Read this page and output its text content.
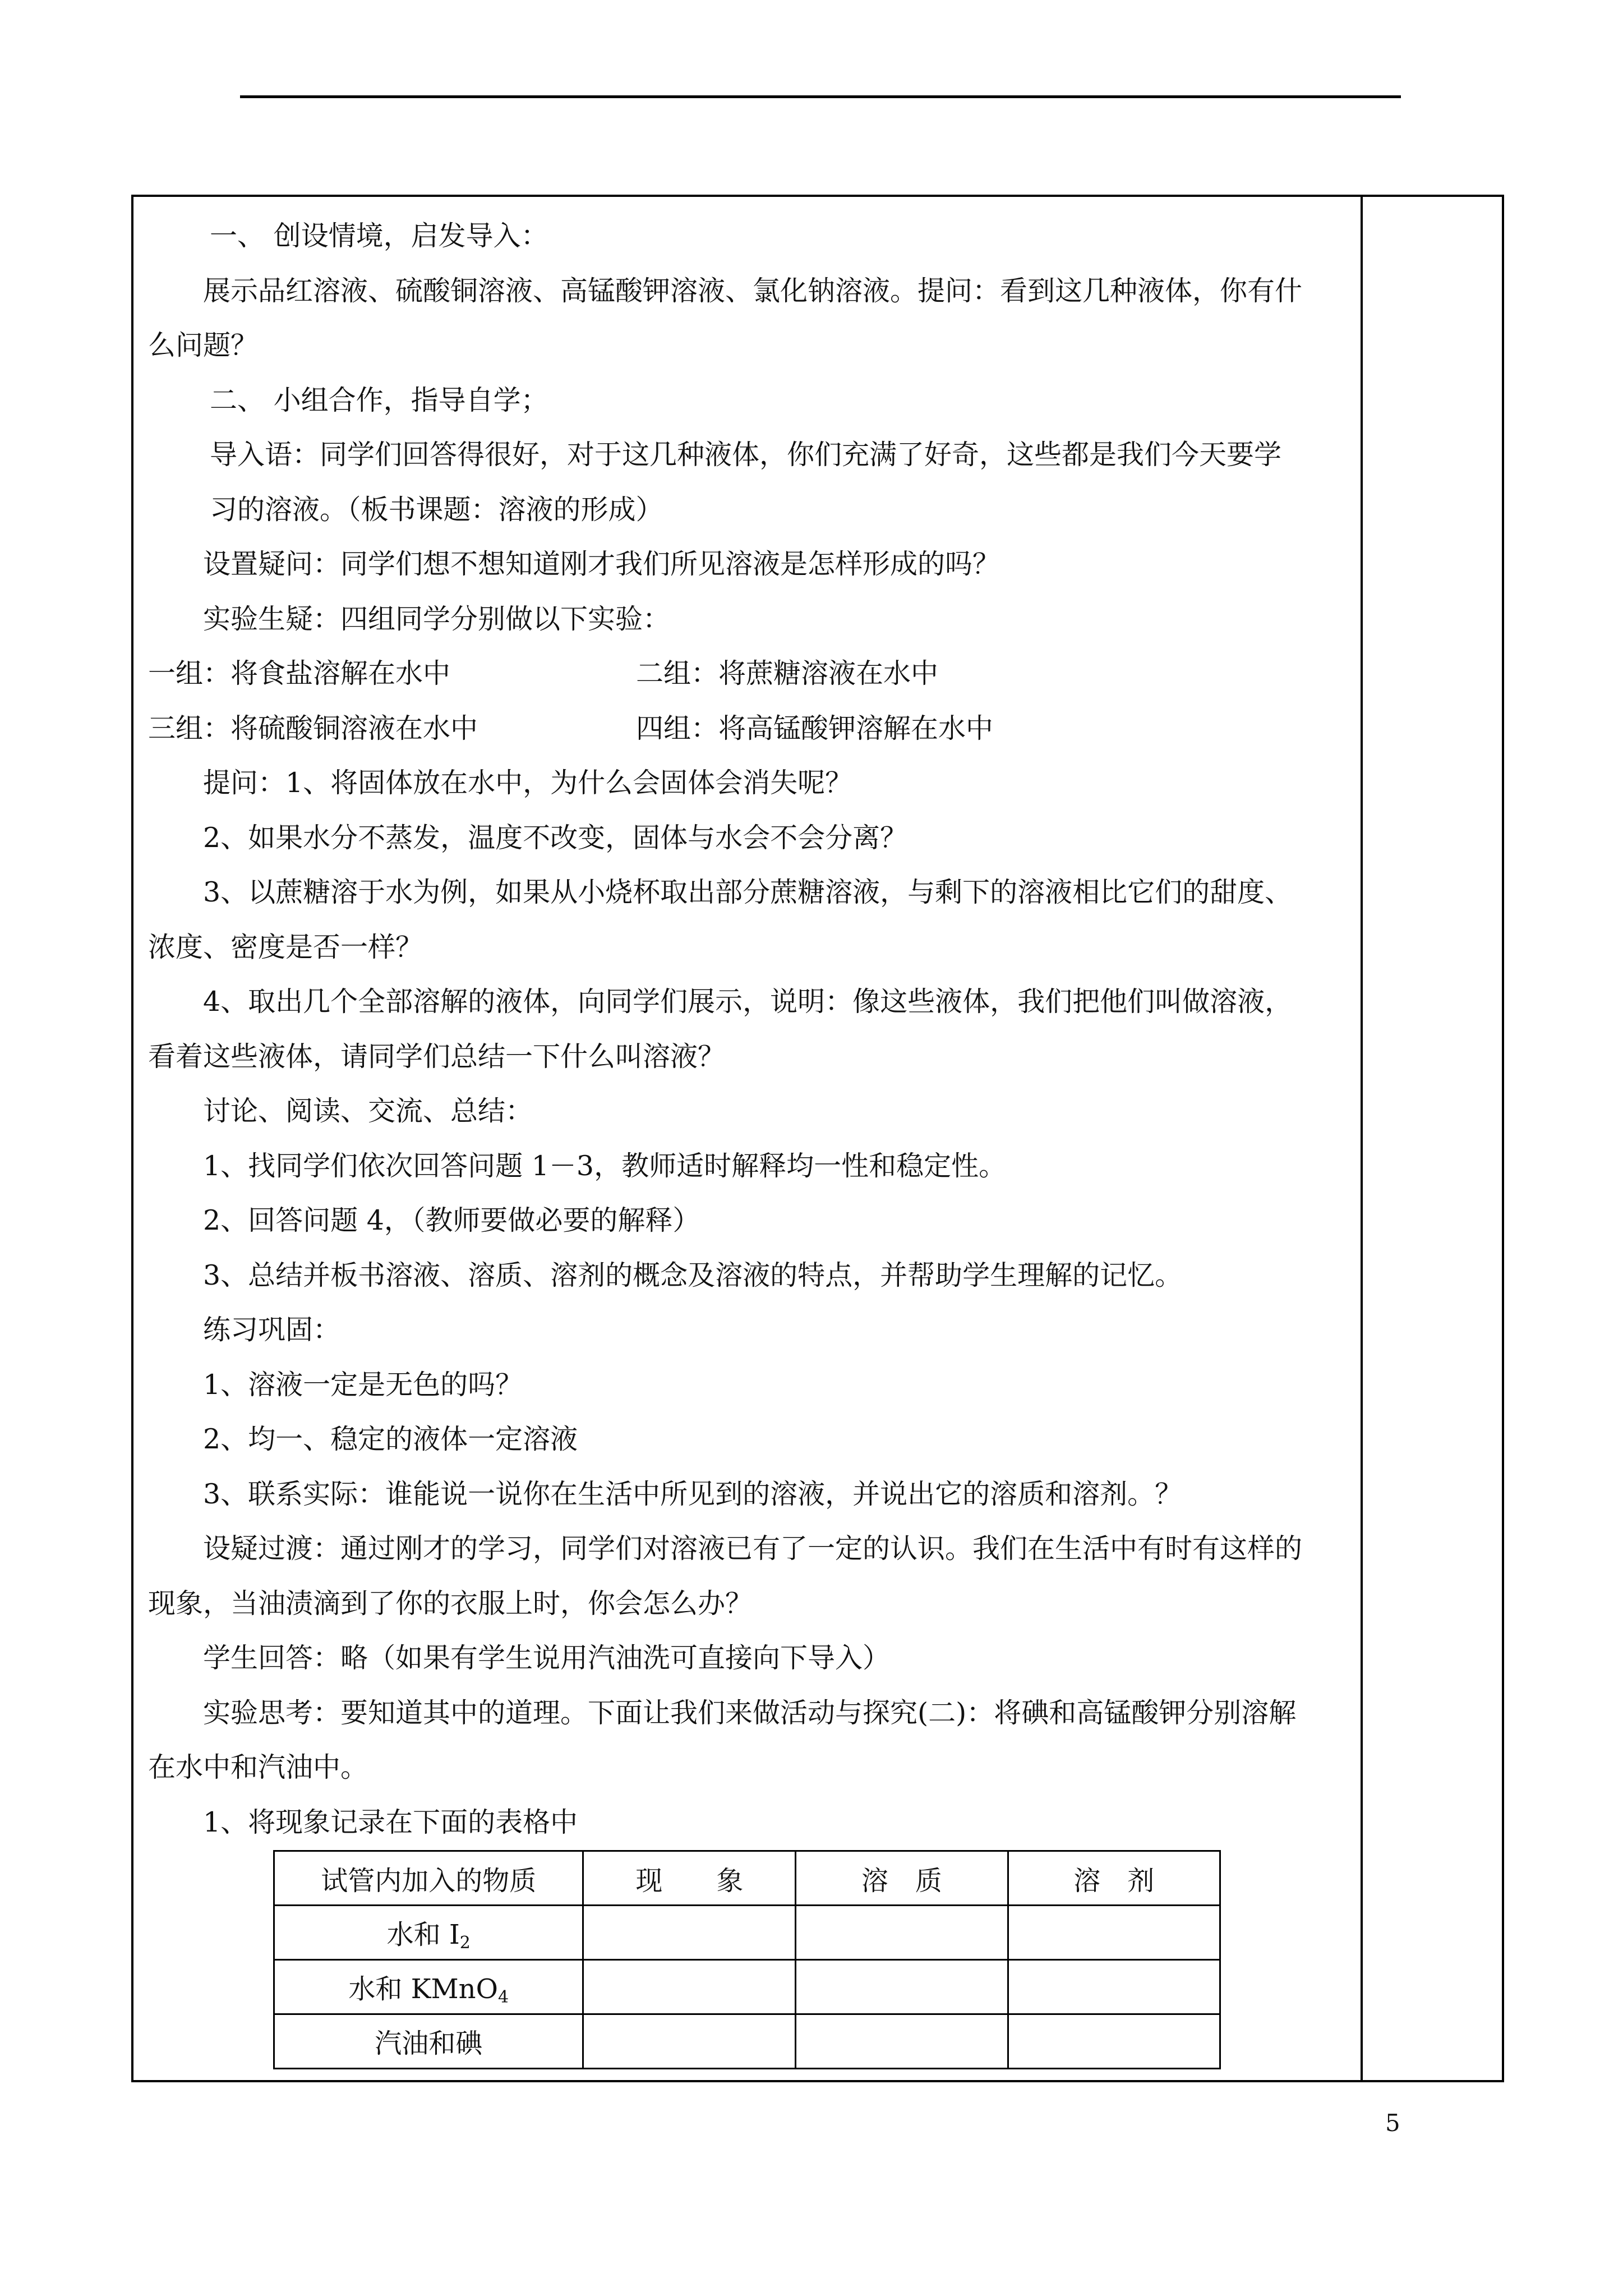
一、 创设情境，启发导入：
展示品红溶液、硫酸铜溶液、高锰酸钾溶液、氯化钠溶液。提问：看到这几种液体，你有什
么问题？
二、 小组合作，指导自学；
导入语：同学们回答得很好，对于这几种液体，你们充满了好奇，这些都是我们今天要学
习的溶液。（板书课题：溶液的形成）
设置疑问：同学们想不想知道刚才我们所见溶液是怎样形成的吗？
实验生疑：四组同学分别做以下实验：
一组：将食盐溶解在水中	二组：将蔗糖溶液在水中
三组：将硫酸铜溶液在水中	四组：将高锰酸钾溶解在水中
提问：1、将固体放在水中，为什么会固体会消失呢？
2、如果水分不蒸发，温度不改变，固体与水会不会分离？
3、以蔗糖溶于水为例，如果从小烧杯取出部分蔗糖溶液，与剩下的溶液相比它们的甜度、
浓度、密度是否一样？
4、取出几个全部溶解的液体，向同学们展示，说明：像这些液体，我们把他们叫做溶液，
看着这些液体，请同学们总结一下什么叫溶液？
讨论、阅读、交流、总结：
1、找同学们依次回答问题 1－3，教师适时解释均一性和稳定性。
2、回答问题 4，（教师要做必要的解释）
3、总结并板书溶液、溶质、溶剂的概念及溶液的特点，并帮助学生理解的记忆。
练习巩固：
1、溶液一定是无色的吗？
2、均一、稳定的液体一定溶液
3、联系实际：谁能说一说你在生活中所见到的溶液，并说出它的溶质和溶剂。？
设疑过渡：通过刚才的学习，同学们对溶液已有了一定的认识。我们在生活中有时有这样的
现象，当油渍滴到了你的衣服上时，你会怎么办？
学生回答：略（如果有学生说用汽油洗可直接向下导入）
实验思考：要知道其中的道理。下面让我们来做活动与探究(二)：将碘和高锰酸钾分别溶解
在水中和汽油中。
1、将现象记录在下面的表格中
试管内加入的物质	现　　象	溶　质	溶　剂
水和 $I_2$			
水和 KMnO$_4$			
汽油和碘			
5
